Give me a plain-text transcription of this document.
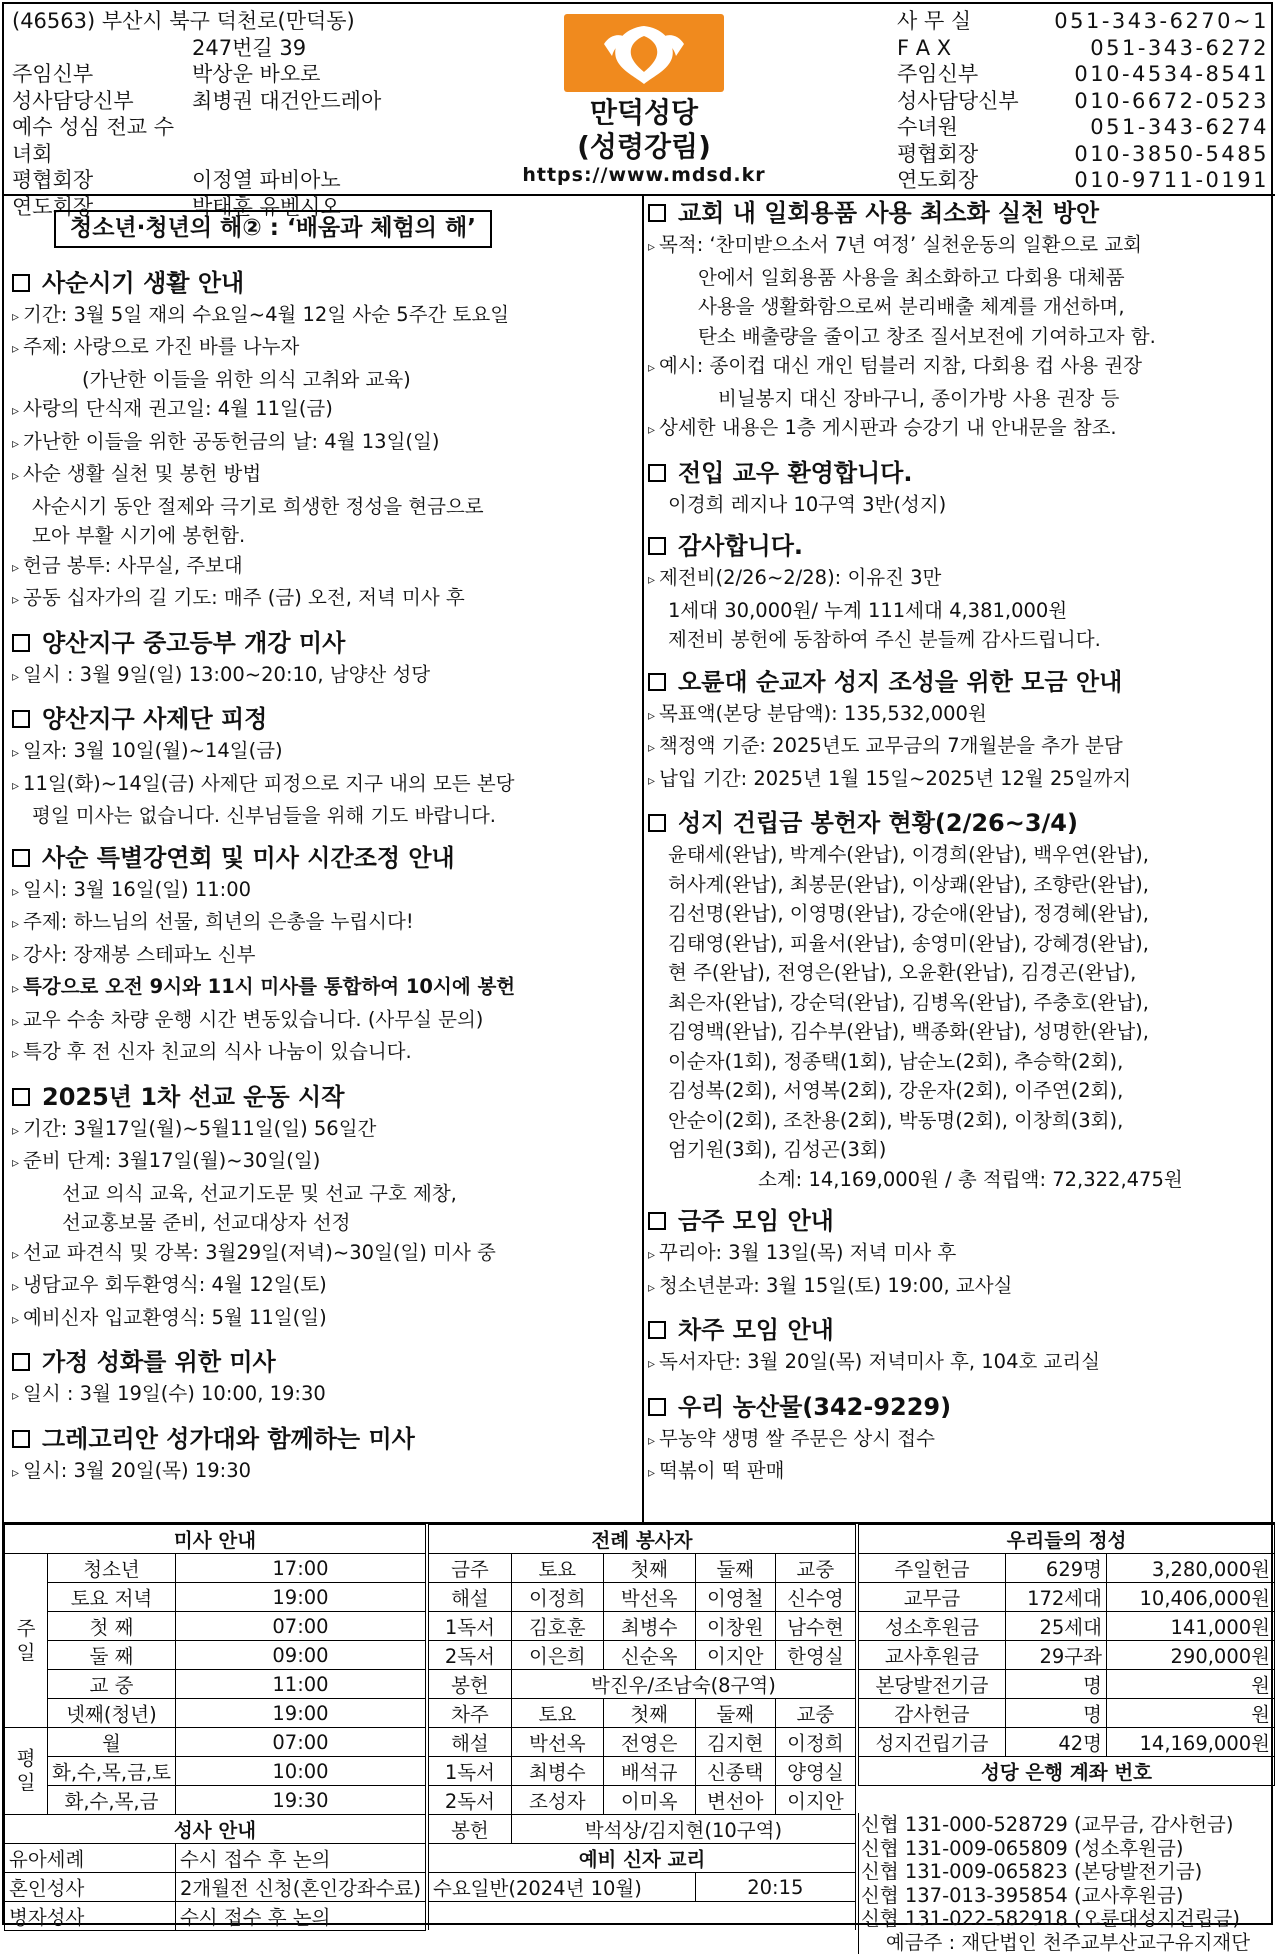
(46563) 부산시 북구 덕천로(만덕동)
247번길 39
주임신부	박상운 바오로
성사담당신부	최병권 대건안드레아
예수 성심 전교 수녀회
평협회장	이정열 파비아노
연도회장	박태훈 유벤시오
만덕성당
(성령강림)
https://www.mdsd.kr
사 무 실	051-343-6270~1
F A X	051-343-6272
주임신부	010-4534-8541
성사담당신부	010-6672-0523
수녀원	051-343-6274
평협회장	010-3850-5485
연도회장	010-9711-0191
청소년·청년의 해② : ‘배움과 체험의 해’
사순시기 생활 안내
▹ 기간: 3월 5일 재의 수요일~4월 12일 사순 5주간 토요일
▹ 주제: 사랑으로 가진 바를 나누자
(가난한 이들을 위한 의식 고취와 교육)
▹ 사랑의 단식재 권고일: 4월 11일(금)
▹ 가난한 이들을 위한 공동헌금의 날: 4월 13일(일)
▹ 사순 생활 실천 및 봉헌 방법
사순시기 동안 절제와 극기로 희생한 정성을 현금으로
모아 부활 시기에 봉헌함.
▹ 헌금 봉투: 사무실, 주보대
▹ 공동 십자가의 길 기도: 매주 (금) 오전, 저녁 미사 후
양산지구 중고등부 개강 미사
▹ 일시 : 3월 9일(일) 13:00~20:10, 남양산 성당
양산지구 사제단 피정
▹ 일자: 3월 10일(월)~14일(금)
▹ 11일(화)~14일(금) 사제단 피정으로 지구 내의 모든 본당
평일 미사는 없습니다. 신부님들을 위해 기도 바랍니다.
사순 특별강연회 및 미사 시간조정 안내
▹ 일시: 3월 16일(일) 11:00
▹ 주제: 하느님의 선물, 희년의 은총을 누립시다!
▹ 강사: 장재봉 스테파노 신부
▹ 특강으로 오전 9시와 11시 미사를 통합하여 10시에 봉헌
▹ 교우 수송 차량 운행 시간 변동있습니다. (사무실 문의)
▹ 특강 후 전 신자 친교의 식사 나눔이 있습니다.
2025년 1차 선교 운동 시작
▹ 기간: 3월17일(월)~5월11일(일) 56일간
▹ 준비 단계: 3월17일(월)~30일(일)
선교 의식 교육, 선교기도문 및 선교 구호 제창,
선교홍보물 준비, 선교대상자 선정
▹ 선교 파견식 및 강복: 3월29일(저녁)~30일(일) 미사 중
▹ 냉담교우 회두환영식: 4월 12일(토)
▹ 예비신자 입교환영식: 5월 11일(일)
가정 성화를 위한 미사
▹ 일시 : 3월 19일(수) 10:00, 19:30
그레고리안 성가대와 함께하는 미사
▹ 일시: 3월 20일(목) 19:30
교회 내 일회용품 사용 최소화 실천 방안
▹ 목적: ‘찬미받으소서 7년 여정’ 실천운동의 일환으로 교회
안에서 일회용품 사용을 최소화하고 다회용 대체품
사용을 생활화함으로써 분리배출 체계를 개선하며,
탄소 배출량을 줄이고 창조 질서보전에 기여하고자 함.
▹ 예시: 종이컵 대신 개인 텀블러 지참, 다회용 컵 사용 권장
비닐봉지 대신 장바구니, 종이가방 사용 권장 등
▹ 상세한 내용은 1층 게시판과 승강기 내 안내문을 참조.
전입 교우 환영합니다.
이경희 레지나 10구역 3반(성지)
감사합니다.
▹ 제전비(2/26~2/28): 이유진 3만
1세대 30,000원/ 누계 111세대 4,381,000원
제전비 봉헌에 동참하여 주신 분들께 감사드립니다.
오륜대 순교자 성지 조성을 위한 모금 안내
▹ 목표액(본당 분담액): 135,532,000원
▹ 책정액 기준: 2025년도 교무금의 7개월분을 추가 분담
▹ 납입 기간: 2025년 1월 15일~2025년 12월 25일까지
성지 건립금 봉헌자 현황(2/26~3/4)
윤태세(완납), 박계수(완납), 이경희(완납), 백우연(완납),
허사계(완납), 최봉문(완납), 이상쾌(완납), 조향란(완납),
김선명(완납), 이영명(완납), 강순애(완납), 정경혜(완납),
김태영(완납), 피율서(완납), 송영미(완납), 강혜경(완납),
현 주(완납), 전영은(완납), 오윤환(완납), 김경곤(완납),
최은자(완납), 강순덕(완납), 김병옥(완납), 주충호(완납),
김영백(완납), 김수부(완납), 백종화(완납), 성명한(완납),
이순자(1회), 정종택(1회), 남순노(2회), 추승학(2회),
김성복(2회), 서영복(2회), 강운자(2회), 이주연(2회),
안순이(2회), 조찬용(2회), 박동명(2회), 이창희(3회),
엄기원(3회), 김성곤(3회)
소계: 14,169,000원 / 총 적립액: 72,322,475원
금주 모임 안내
▹ 꾸리아: 3월 13일(목) 저녁 미사 후
▹ 청소년분과: 3월 15일(토) 19:00, 교사실
차주 모임 안내
▹ 독서자단: 3월 20일(목) 저녁미사 후, 104호 교리실
우리 농산물(342-9229)
▹ 무농약 생명 쌀 주문은 상시 접수
▹ 떡볶이 떡 판매
미사 안내		
주일	청소년	17:00
	토요 저녁	19:00
	첫 째	07:00
	둘 째	09:00
	교 중	11:00
	넷째(청년)	19:00
평일	월	07:00
	화,수,목,금,토	10:00
	화,수,목,금	19:30
성사 안내		
유아세례		수시 접수 후 논의
혼인성사		2개월전 신청(혼인강좌수료)
병자성사		수시 접수 후 논의
전례 봉사자				
금주	토요	첫째	둘째	교중
해설	이정희	박선옥	이영철	신수영
1독서	김호훈	최병수	이창원	남수현
2독서	이은희	신순옥	이지안	한영실
봉헌	박진우/조남숙(8구역)			
차주	토요	첫째	둘째	교중
해설	박선옥	전영은	김지현	이정희
1독서	최병수	배석규	신종택	양영실
2독서	조성자	이미옥	변선아	이지안
봉헌	박석상/김지현(10구역)			
예비 신자 교리				
수요일반(2024년 10월)			20:15	

우리들의 정성		
주일헌금	629명	3,280,000원
교무금	172세대	10,406,000원
성소후원금	25세대	141,000원
교사후원금	29구좌	290,000원
본당발전기금	명	원
감사헌금	명	원
성지건립기금	42명	14,169,000원
성당 은행 계좌 번호		
신협 131-000-528729 (교무금, 감사헌금)
신협 131-009-065809 (성소후원금)
신협 131-009-065823 (본당발전기금)
신협 137-013-395854 (교사후원금)
신협 131-022-582918 (오륜대성지건립금)
예금주 : 재단법인 천주교부산교구유지재단
